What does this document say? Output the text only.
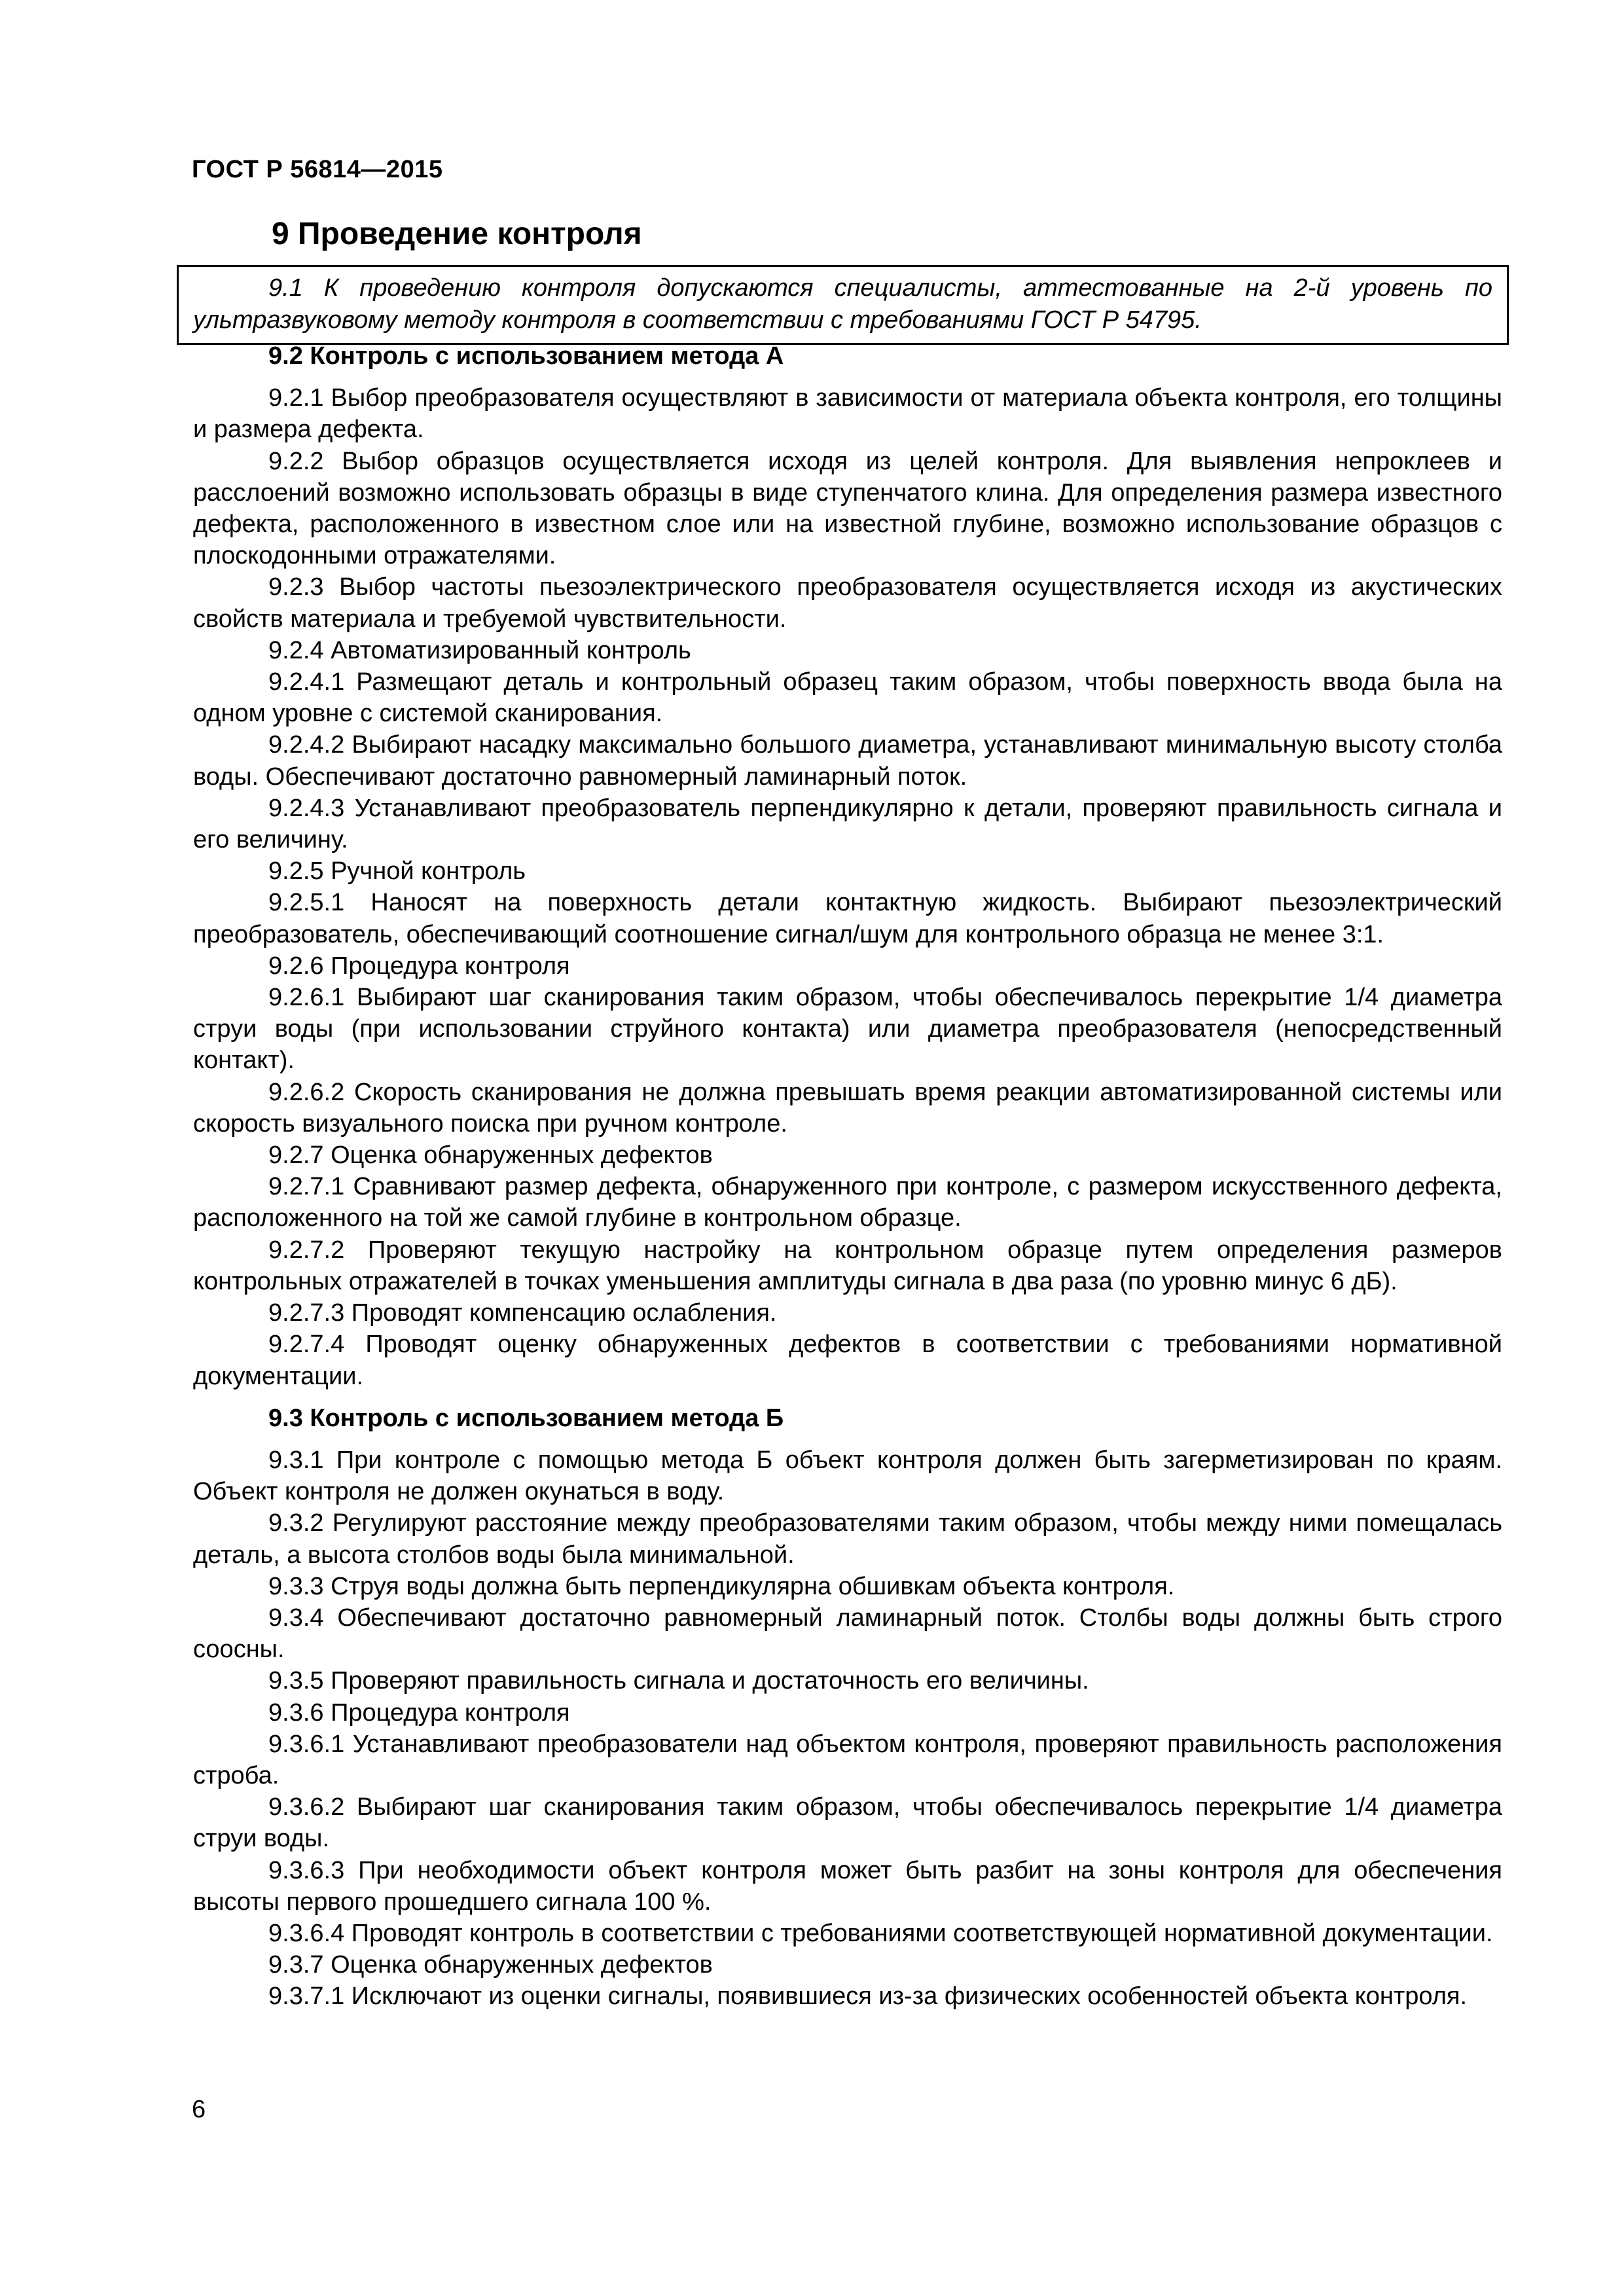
ГОСТ Р 56814—2015
9 Проведение контроля
9.1 К проведению контроля допускаются специалисты, аттестованные на 2-й уровень по ультразвуковому методу контроля в соответствии с требованиями ГОСТ Р 54795.

9.2 Контроль с использованием метода А

9.2.1 Выбор преобразователя осуществляют в зависимости от материала объекта контроля, его толщины и размера дефекта.

9.2.2 Выбор образцов осуществляется исходя из целей контроля. Для выявления непроклеев и расслоений возможно использовать образцы в виде ступенчатого клина. Для определения размера известного дефекта, расположенного в известном слое или на известной глубине, возможно использование образцов с плоскодонными отражателями.

9.2.3 Выбор частоты пьезоэлектрического преобразователя осуществляется исходя из акустических свойств материала и требуемой чувствительности.

9.2.4 Автоматизированный контроль

9.2.4.1 Размещают деталь и контрольный образец таким образом, чтобы поверхность ввода была на одном уровне с системой сканирования.

9.2.4.2 Выбирают насадку максимально большого диаметра, устанавливают минимальную высоту столба воды. Обеспечивают достаточно равномерный ламинарный поток.

9.2.4.3 Устанавливают преобразователь перпендикулярно к детали, проверяют правильность сигнала и его величину.

9.2.5 Ручной контроль

9.2.5.1 Наносят на поверхность детали контактную жидкость. Выбирают пьезоэлектрический преобразователь, обеспечивающий соотношение сигнал/шум для контрольного образца не менее 3:1.

9.2.6 Процедура контроля

9.2.6.1 Выбирают шаг сканирования таким образом, чтобы обеспечивалось перекрытие 1/4 диаметра струи воды (при использовании струйного контакта) или диаметра преобразователя (непосредственный контакт).

9.2.6.2 Скорость сканирования не должна превышать время реакции автоматизированной системы или скорость визуального поиска при ручном контроле.

9.2.7 Оценка обнаруженных дефектов

9.2.7.1 Сравнивают размер дефекта, обнаруженного при контроле, с размером искусственного дефекта, расположенного на той же самой глубине в контрольном образце.

9.2.7.2 Проверяют текущую настройку на контрольном образце путем определения размеров контрольных отражателей в точках уменьшения амплитуды сигнала в два раза (по уровню минус 6 дБ).

9.2.7.3 Проводят компенсацию ослабления.

9.2.7.4 Проводят оценку обнаруженных дефектов в соответствии с требованиями нормативной документации.

9.3 Контроль с использованием метода Б

9.3.1 При контроле с помощью метода Б объект контроля должен быть загерметизирован по краям. Объект контроля не должен окунаться в воду.

9.3.2 Регулируют расстояние между преобразователями таким образом, чтобы между ними помещалась деталь, а высота столбов воды была минимальной.

9.3.3 Струя воды должна быть перпендикулярна обшивкам объекта контроля.

9.3.4 Обеспечивают достаточно равномерный ламинарный поток. Столбы воды должны быть строго соосны.

9.3.5 Проверяют правильность сигнала и достаточность его величины.

9.3.6 Процедура контроля

9.3.6.1 Устанавливают преобразователи над объектом контроля, проверяют правильность расположения строба.

9.3.6.2 Выбирают шаг сканирования таким образом, чтобы обеспечивалось перекрытие 1/4 диаметра струи воды.

9.3.6.3 При необходимости объект контроля может быть разбит на зоны контроля для обеспечения высоты первого прошедшего сигнала 100 %.

9.3.6.4 Проводят контроль в соответствии с требованиями соответствующей нормативной документации.

9.3.7 Оценка обнаруженных дефектов

9.3.7.1 Исключают из оценки сигналы, появившиеся из-за физических особенностей объекта контроля.

6
